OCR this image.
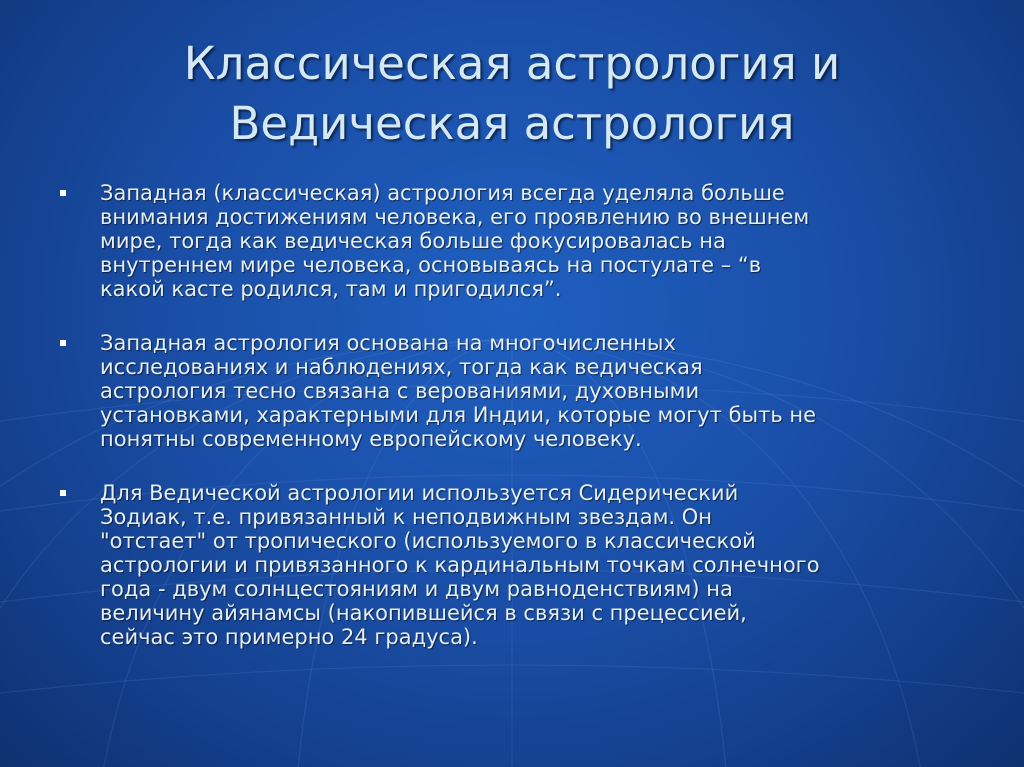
Классическая астрология и
Ведическая астрология
Западная (классическая) астрология всегда уделяла больше
внимания достижениям человека, его проявлению во внешнем
мире, тогда как ведическая больше фокусировалась на
внутреннем мире человека, основываясь на постулате – “в
какой касте родился, там и пригодился”.
Западная астрология основана на многочисленных
исследованиях и наблюдениях, тогда как ведическая
астрология тесно связана с верованиями, духовными
установками, характерными для Индии, которые могут быть не
понятны современному европейскому человеку.
Для Ведической астрологии используется Сидерический
Зодиак, т.е. привязанный к неподвижным звездам. Он
"отстает" от тропического (используемого в классической
астрологии и привязанного к кардинальным точкам солнечного
года - двум солнцестояниям и двум равноденствиям) на
величину айянамсы (накопившейся в связи с прецессией,
сейчас это примерно 24 градуса).
